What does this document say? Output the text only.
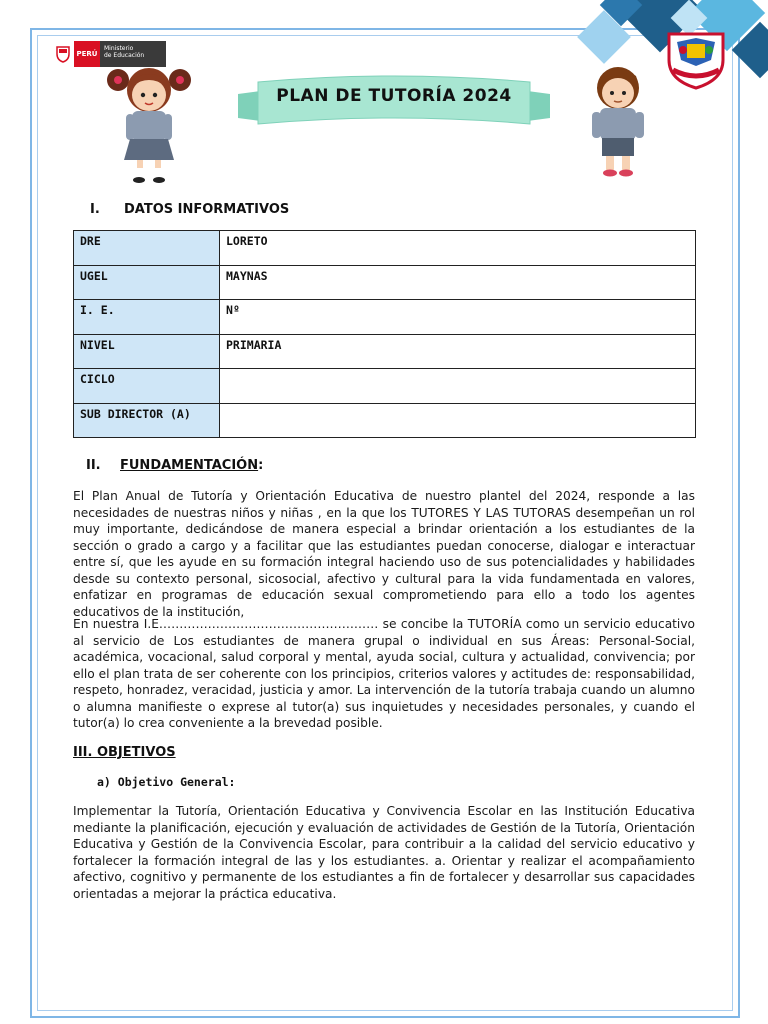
PERÚ
Ministerio
de Educación
PLAN DE TUTORÍA 2024
I. DATOS INFORMATIVOS
DRE	LORETO
UGEL	MAYNAS
I. E.	Nº
NIVEL	PRIMARIA
CICLO	
SUB DIRECTOR (A)	
II. FUNDAMENTACIÓN:
El Plan Anual de Tutoría y Orientación Educativa de nuestro plantel del 2024, responde a las necesidades de nuestras niños y niñas , en la que los TUTORES Y LAS TUTORAS desempeñan un rol muy importante, dedicándose de manera especial a brindar orientación a los estudiantes de la sección o grado a cargo y a facilitar que las estudiantes puedan conocerse, dialogar e interactuar entre sí, que les ayude en su formación integral haciendo uso de sus potencialidades y habilidades desde su contexto personal, sicosocial, afectivo y cultural para la vida fundamentada en valores, enfatizar en programas de educación sexual comprometiendo para ello a todo los agentes educativos de la institución,
En nuestra I.E……………………………………………… se concibe la TUTORÍA como un servicio educativo al servicio de Los estudiantes de manera grupal o individual en sus Áreas: Personal-Social, académica, vocacional, salud corporal y mental, ayuda social, cultura y actualidad, convivencia; por ello el plan trata de ser coherente con los principios, criterios valores y actitudes de: responsabilidad, respeto, honradez, veracidad, justicia y amor. La intervención de la tutoría trabaja cuando un alumno o alumna manifieste o exprese al tutor(a) sus inquietudes y necesidades personales, y cuando el tutor(a) lo crea conveniente a la brevedad posible.
III. OBJETIVOS
a) Objetivo General:
Implementar la Tutoría, Orientación Educativa y Convivencia Escolar en las Institución Educativa mediante la planificación, ejecución y evaluación de actividades de Gestión de la Tutoría, Orientación Educativa y Gestión de la Convivencia Escolar, para contribuir a la calidad del servicio educativo y fortalecer la formación integral de las y los estudiantes. a. Orientar y realizar el acompañamiento afectivo, cognitivo y permanente de los estudiantes a fin de fortalecer y desarrollar sus capacidades orientadas a mejorar la práctica educativa.
